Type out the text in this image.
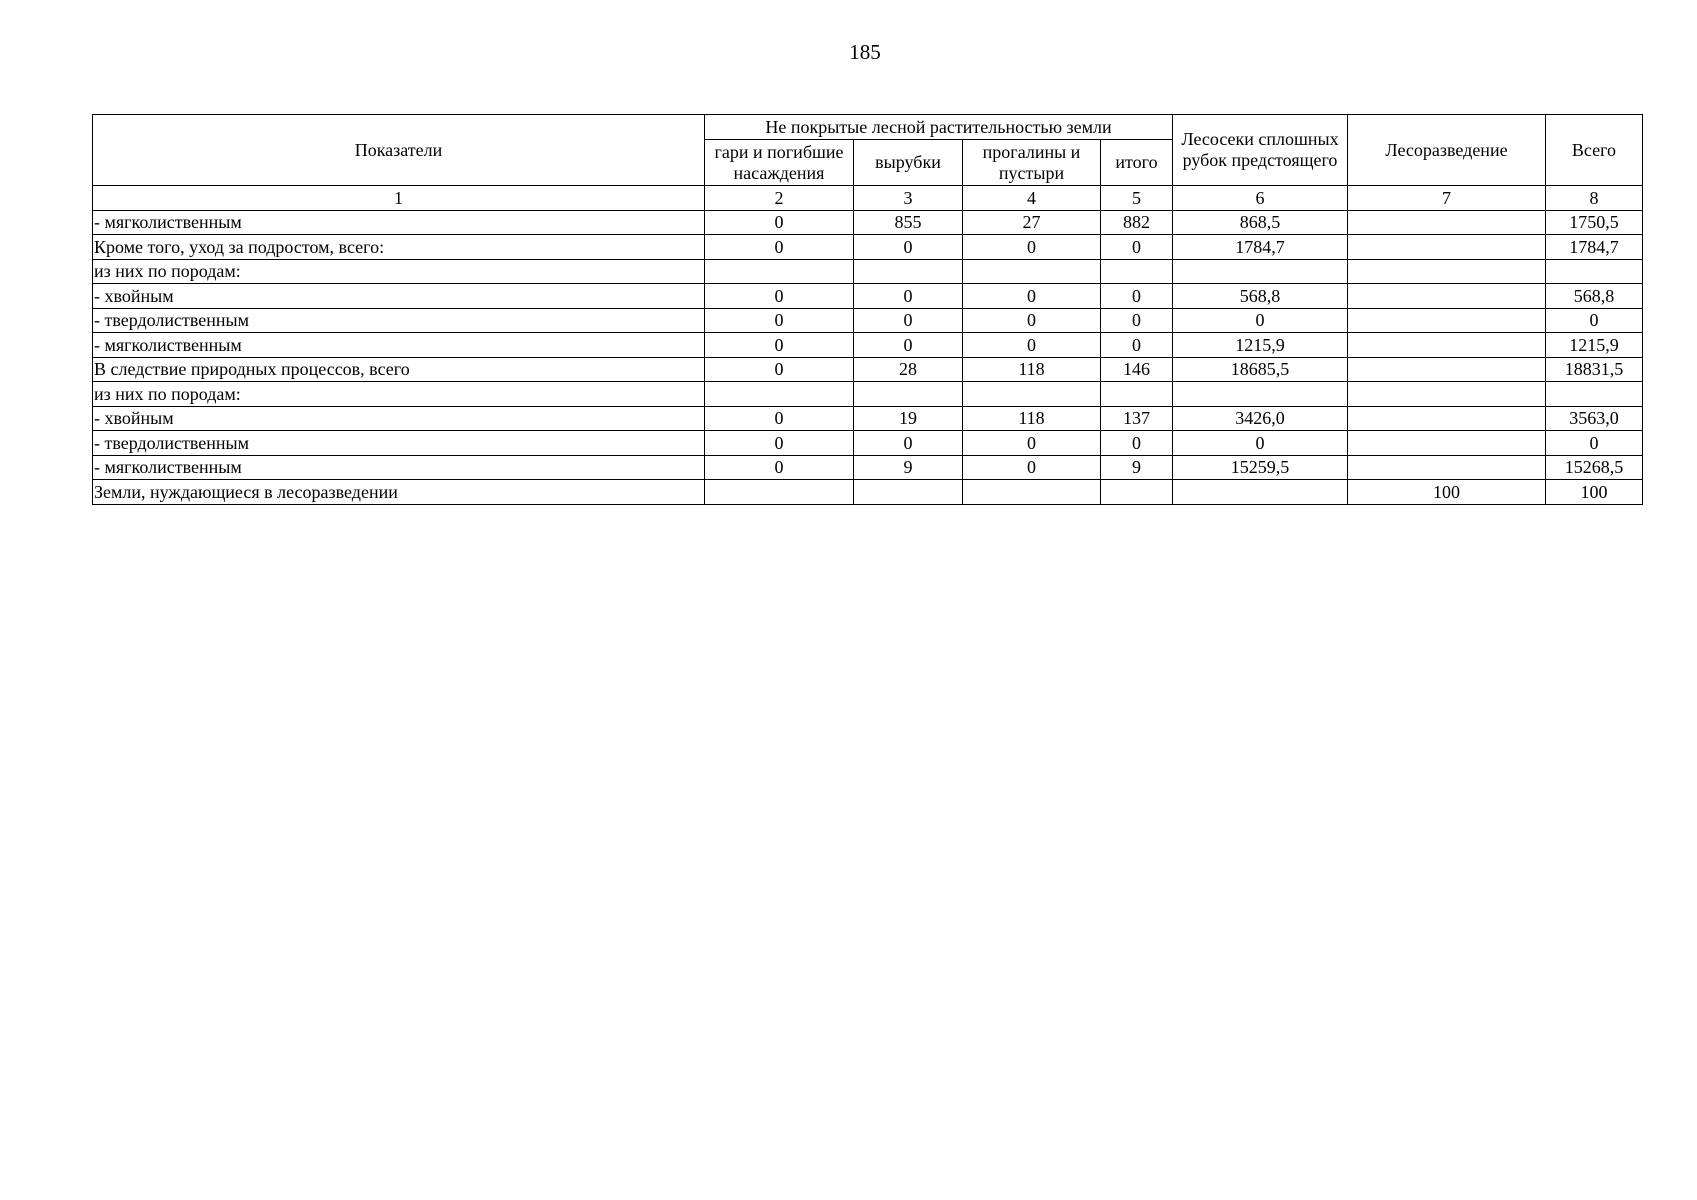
185
Показатели	Не покрытые лесной растительностью земли				Лесосеки сплошных рубок предстоящего	Лесоразведение	Всего
	гари и погибшие насаждения	вырубки	прогалины и пустыри	итого			
1	2	3	4	5	6	7	8
- мягколиственным	0	855	27	882	868,5		1750,5
Кроме того, уход за подростом, всего:	0	0	0	0	1784,7		1784,7
из них по породам:							
- хвойным	0	0	0	0	568,8		568,8
- твердолиственным	0	0	0	0	0		0
- мягколиственным	0	0	0	0	1215,9		1215,9
В следствие природных процессов, всего	0	28	118	146	18685,5		18831,5
из них по породам:							
- хвойным	0	19	118	137	3426,0		3563,0
- твердолиственным	0	0	0	0	0		0
- мягколиственным	0	9	0	9	15259,5		15268,5
Земли, нуждающиеся в лесоразведении						100	100
